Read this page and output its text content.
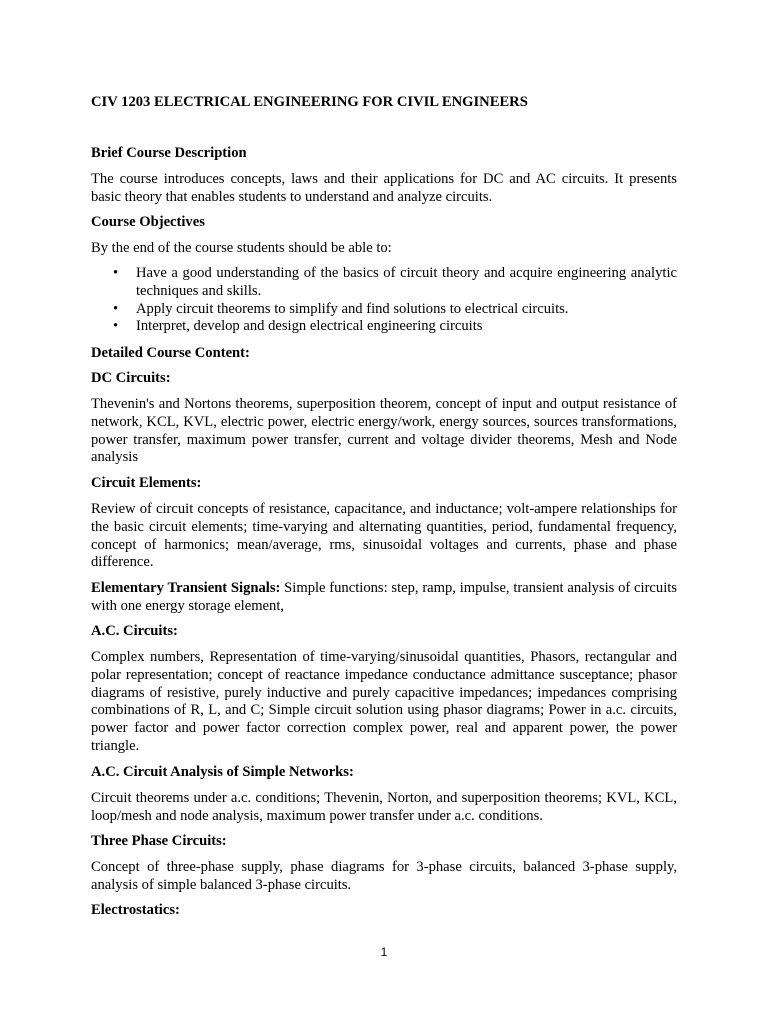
CIV 1203 ELECTRICAL ENGINEERING FOR CIVIL ENGINEERS
Brief Course Description
The course introduces concepts, laws and their applications for DC and AC circuits. It presents basic theory that enables students to understand and analyze circuits.
Course Objectives
By the end of the course students should be able to:
• Have a good understanding of the basics of circuit theory and acquire engineering analytic techniques and skills.
• Apply circuit theorems to simplify and find solutions to electrical circuits.
• Interpret, develop and design electrical engineering circuits
Detailed Course Content:
DC Circuits:
Thevenin's and Nortons theorems, superposition theorem, concept of input and output resistance of network, KCL, KVL, electric power, electric energy/work, energy sources, sources transformations, power transfer, maximum power transfer, current and voltage divider theorems, Mesh and Node analysis
Circuit Elements:
Review of circuit concepts of resistance, capacitance, and inductance; volt-ampere relationships for the basic circuit elements; time-varying and alternating quantities, period, fundamental frequency, concept of harmonics; mean/average, rms, sinusoidal voltages and currents, phase and phase difference.
Elementary Transient Signals: Simple functions: step, ramp, impulse, transient analysis of circuits with one energy storage element,
A.C. Circuits:
Complex numbers, Representation of time-varying/sinusoidal quantities, Phasors, rectangular and polar representation; concept of reactance impedance conductance admittance susceptance; phasor diagrams of resistive, purely inductive and purely capacitive impedances; impedances comprising combinations of R, L, and C; Simple circuit solution using phasor diagrams; Power in a.c. circuits, power factor and power factor correction complex power, real and apparent power, the power triangle.
A.C. Circuit Analysis of Simple Networks:
Circuit theorems under a.c. conditions; Thevenin, Norton, and superposition theorems; KVL, KCL, loop/mesh and node analysis, maximum power transfer under a.c. conditions.
Three Phase Circuits:
Concept of three-phase supply, phase diagrams for 3-phase circuits, balanced 3-phase supply, analysis of simple balanced 3-phase circuits.
Electrostatics:
1
